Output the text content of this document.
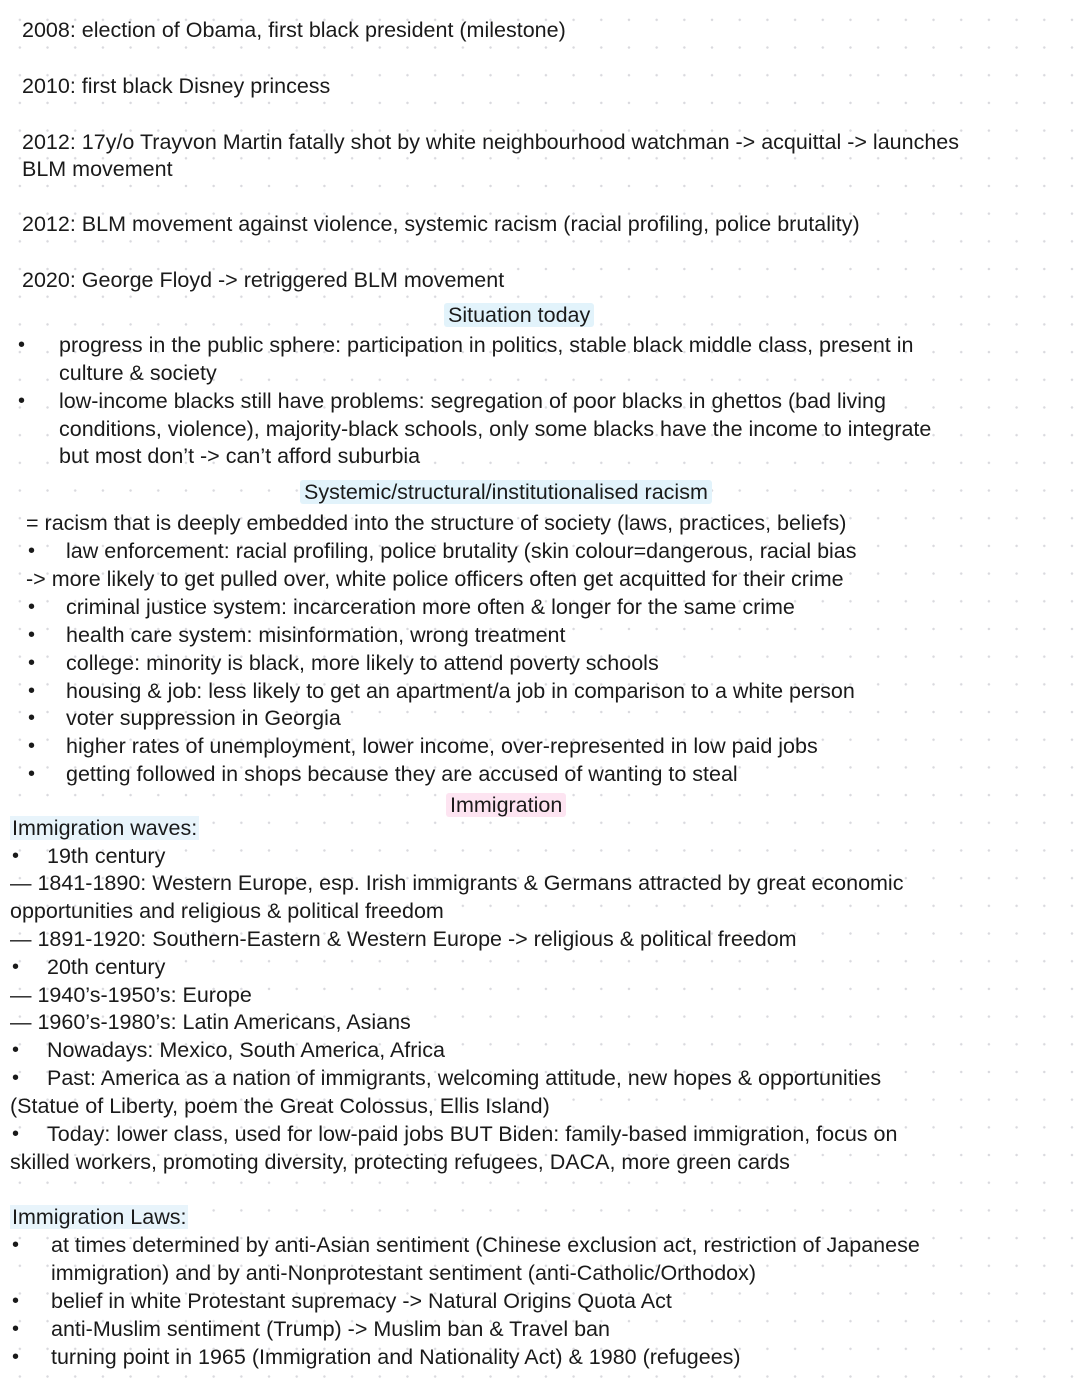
2008: election of Obama, first black president (milestone)
2010: first black Disney princess
2012: 17y/o Trayvon Martin fatally shot by white neighbourhood watchman -> acquittal -> launches
BLM movement
2012: BLM movement against violence, systemic racism (racial profiling, police brutality)
2020: George Floyd -> retriggered BLM movement
Situation today
• progress in the public sphere: participation in politics, stable black middle class, present in
culture & society
• low-income blacks still have problems: segregation of poor blacks in ghettos (bad living
conditions, violence), majority-black schools, only some blacks have the income to integrate
but most don’t -> can’t afford suburbia
Systemic/structural/institutionalised racism
= racism that is deeply embedded into the structure of society (laws, practices, beliefs)
• law enforcement: racial profiling, police brutality (skin colour=dangerous, racial bias
-> more likely to get pulled over, white police officers often get acquitted for their crime
• criminal justice system: incarceration more often & longer for the same crime
• health care system: misinformation, wrong treatment
• college: minority is black, more likely to attend poverty schools
• housing & job: less likely to get an apartment/a job in comparison to a white person
• voter suppression in Georgia
• higher rates of unemployment, lower income, over-represented in low paid jobs
• getting followed in shops because they are accused of wanting to steal
Immigration
Immigration waves:
• 19th century
— 1841-1890: Western Europe, esp. Irish immigrants & Germans attracted by great economic
opportunities and religious & political freedom
— 1891-1920: Southern-Eastern & Western Europe -> religious & political freedom
• 20th century
— 1940’s-1950’s: Europe
— 1960’s-1980’s: Latin Americans, Asians
• Nowadays: Mexico, South America, Africa
• Past: America as a nation of immigrants, welcoming attitude, new hopes & opportunities
(Statue of Liberty, poem the Great Colossus, Ellis Island)
• Today: lower class, used for low-paid jobs BUT Biden: family-based immigration, focus on
skilled workers, promoting diversity, protecting refugees, DACA, more green cards
Immigration Laws:
• at times determined by anti-Asian sentiment (Chinese exclusion act, restriction of Japanese
immigration) and by anti-Nonprotestant sentiment (anti-Catholic/Orthodox)
• belief in white Protestant supremacy -> Natural Origins Quota Act
• anti-Muslim sentiment (Trump) -> Muslim ban & Travel ban
• turning point in 1965 (Immigration and Nationality Act) & 1980 (refugees)
